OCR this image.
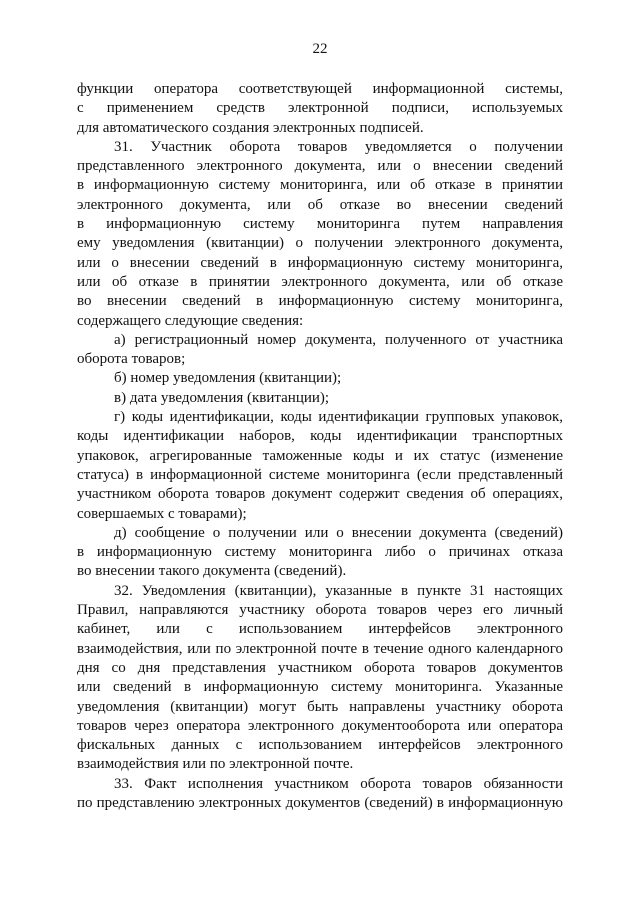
22
функции оператора соответствующей информационной системы,
с применением средств электронной подписи, используемых
для автоматического создания электронных подписей.
31. Участник оборота товаров уведомляется о получении
представленного электронного документа, или о внесении сведений
в информационную систему мониторинга, или об отказе в принятии
электронного документа, или об отказе во внесении сведений
в информационную систему мониторинга путем направления
ему уведомления (квитанции) о получении электронного документа,
или о внесении сведений в информационную систему мониторинга,
или об отказе в принятии электронного документа, или об отказе
во внесении сведений в информационную систему мониторинга,
содержащего следующие сведения:
а) регистрационный номер документа, полученного от участника
оборота товаров;
б) номер уведомления (квитанции);
в) дата уведомления (квитанции);
г) коды идентификации, коды идентификации групповых упаковок,
коды идентификации наборов, коды идентификации транспортных
упаковок, агрегированные таможенные коды и их статус (изменение
статуса) в информационной системе мониторинга (если представленный
участником оборота товаров документ содержит сведения об операциях,
совершаемых с товарами);
д) сообщение о получении или о внесении документа (сведений)
в информационную систему мониторинга либо о причинах отказа
во внесении такого документа (сведений).
32. Уведомления (квитанции), указанные в пункте 31 настоящих
Правил, направляются участнику оборота товаров через его личный
кабинет, или с использованием интерфейсов электронного
взаимодействия, или по электронной почте в течение одного календарного
дня со дня представления участником оборота товаров документов
или сведений в информационную систему мониторинга. Указанные
уведомления (квитанции) могут быть направлены участнику оборота
товаров через оператора электронного документооборота или оператора
фискальных данных с использованием интерфейсов электронного
взаимодействия или по электронной почте.
33. Факт исполнения участником оборота товаров обязанности
по представлению электронных документов (сведений) в информационную
